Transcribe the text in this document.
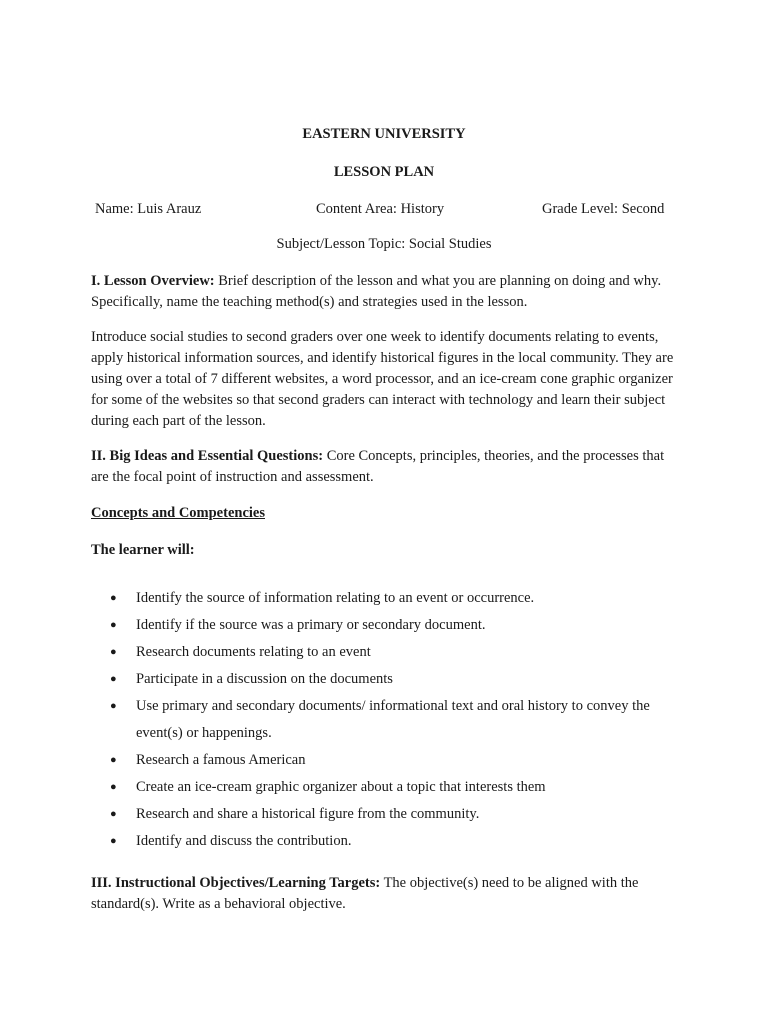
EASTERN UNIVERSITY
LESSON PLAN
Name: Luis Arauz	Content Area: History	Grade Level: Second
Subject/Lesson Topic: Social Studies
I. Lesson Overview: Brief description of the lesson and what you are planning on doing and why. Specifically, name the teaching method(s) and strategies used in the lesson.
Introduce social studies to second graders over one week to identify documents relating to events, apply historical information sources, and identify historical figures in the local community. They are using over a total of 7 different websites, a word processor, and an ice-cream cone graphic organizer for some of the websites so that second graders can interact with technology and learn their subject during each part of the lesson.
II. Big Ideas and Essential Questions: Core Concepts, principles, theories, and the processes that are the focal point of instruction and assessment.
Concepts and Competencies
The learner will:
● Identify the source of information relating to an event or occurrence.
● Identify if the source was a primary or secondary document.
● Research documents relating to an event
● Participate in a discussion on the documents
● Use primary and secondary documents/ informational text and oral history to convey the event(s) or happenings.
● Research a famous American
● Create an ice-cream graphic organizer about a topic that interests them
● Research and share a historical figure from the community.
● Identify and discuss the contribution.
III. Instructional Objectives/Learning Targets: The objective(s) need to be aligned with the standard(s). Write as a behavioral objective.
